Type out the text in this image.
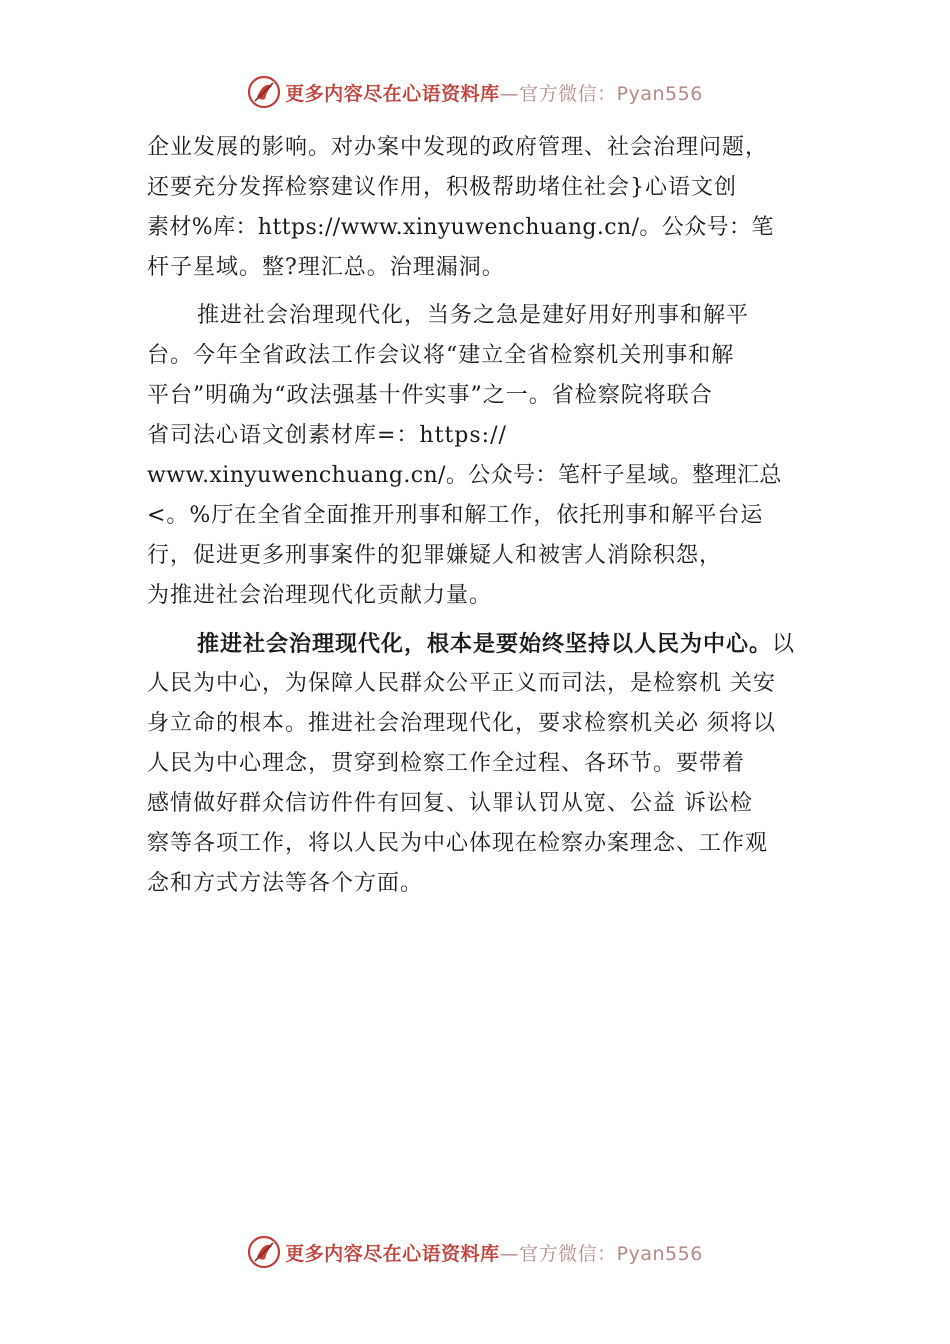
更多内容尽在心语资料库 —官方微信：Pyan556
企业发展的影响。对办案中发现的政府管理、社会治理问题，
还要充分发挥检察建议作用，积极帮助堵住社会}心语文创
素材%库：https://www.xinyuwenchuang.cn/。公众号：笔
杆子星域。整?理汇总。治理漏洞。
推进社会治理现代化，当务之急是建好用好刑事和解平
台。今年全省政法工作会议将“建立全省检察机关刑事和解
平台”明确为“政法强基十件实事”之一。省检察院将联合
省司法心语文创素材库=：https://
www.xinyuwenchuang.cn/。公众号：笔杆子星域。整理汇总
<。%厅在全省全面推开刑事和解工作，依托刑事和解平台运
行，促进更多刑事案件的犯罪嫌疑人和被害人消除积怨，
为推进社会治理现代化贡献力量。
推进社会治理现代化，根本是要始终坚持以人民为中心。以
人民为中心，为保障人民群众公平正义而司法，是检察机 关安
身立命的根本。推进社会治理现代化，要求检察机关必 须将以
人民为中心理念，贯穿到检察工作全过程、各环节。要带着
感情做好群众信访件件有回复、认罪认罚从宽、公益 诉讼检
察等各项工作，将以人民为中心体现在检察办案理念、工作观
念和方式方法等各个方面。
更多内容尽在心语资料库 —官方微信：Pyan556
